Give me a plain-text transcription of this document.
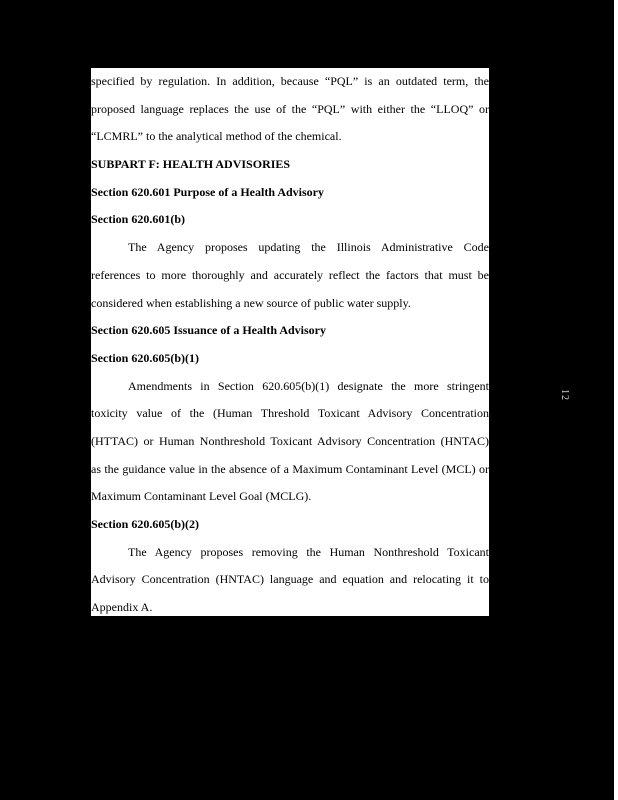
specified by regulation. In addition, because “PQL” is an outdated term, the
proposed language replaces the use of the “PQL” with either the “LLOQ” or
“LCMRL” to the analytical method of the chemical.
SUBPART F: HEALTH ADVISORIES
Section 620.601 Purpose of a Health Advisory
Section 620.601(b)
The Agency proposes updating the Illinois Administrative Code
references to more thoroughly and accurately reflect the factors that must be
considered when establishing a new source of public water supply.
Section 620.605 Issuance of a Health Advisory
Section 620.605(b)(1)
Amendments in Section 620.605(b)(1) designate the more stringent
toxicity value of the (Human Threshold Toxicant Advisory Concentration
(HTTAC) or Human Nonthreshold Toxicant Advisory Concentration (HNTAC)
as the guidance value in the absence of a Maximum Contaminant Level (MCL) or
Maximum Contaminant Level Goal (MCLG).
Section 620.605(b)(2)
The Agency proposes removing the Human Nonthreshold Toxicant
Advisory Concentration (HNTAC) language and equation and relocating it to
Appendix A.
12
